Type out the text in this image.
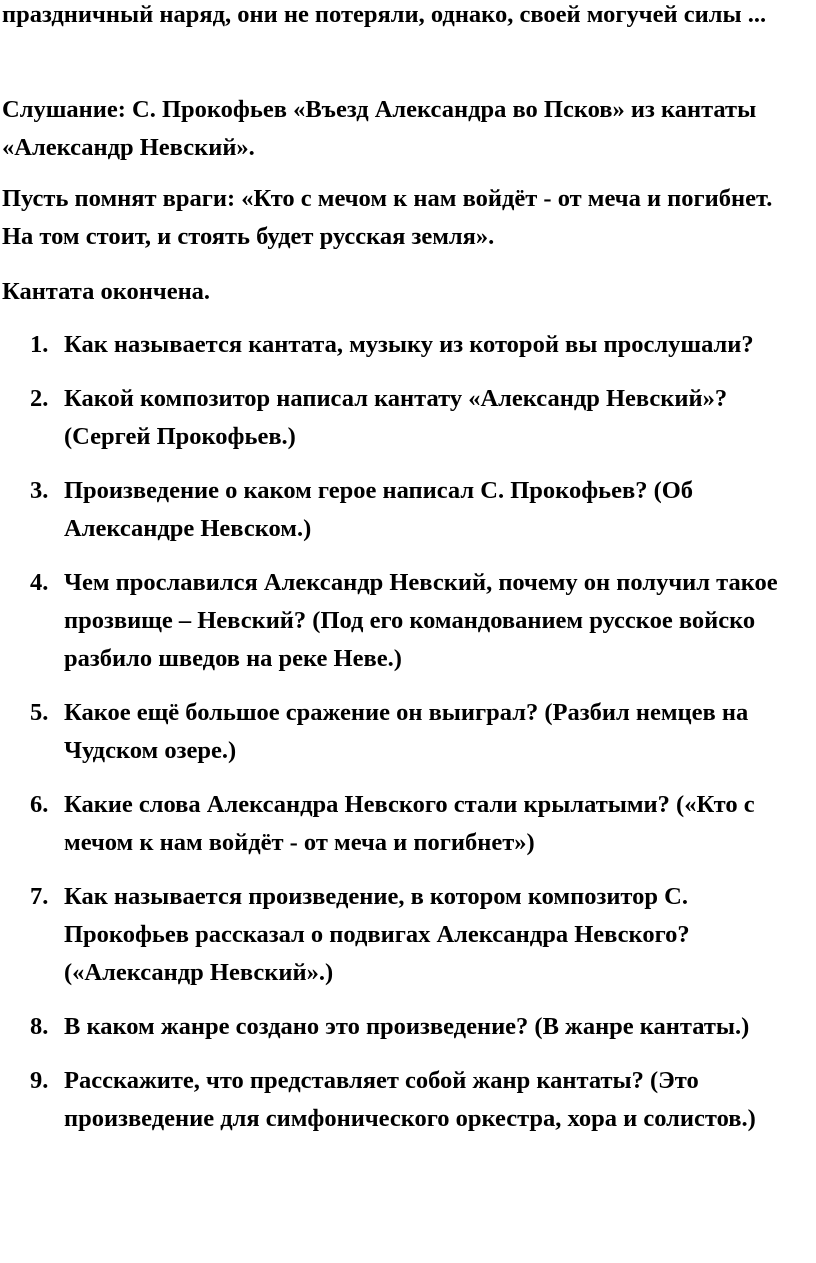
праздничный наряд, они не потеряли, однако, своей могучей силы ...

Слушание: С. Прокофьев «Въезд Александра во Псков» из кантаты «Александр Невский».

Пусть помнят враги: «Кто с мечом к нам войдёт - от меча и погибнет. На том стоит, и стоять будет русская земля».

Кантата окончена.

1. Как называется кантата, музыку из которой вы прослушали?
2. Какой композитор написал кантату «Александр Невский»? (Сергей Прокофьев.)
3. Произведение о каком герое написал С. Прокофьев? (Об Александре Невском.)
4. Чем прославился Александр Невский, почему он получил такое прозвище – Невский? (Под его командованием русское войско разбило шведов на реке Неве.)
5. Какое ещё большое сражение он выиграл? (Разбил немцев на Чудском озере.)
6. Какие слова Александра Невского стали крылатыми? («Кто с мечом к нам войдёт - от меча и погибнет»)
7. Как называется произведение, в котором композитор С. Прокофьев рассказал о подвигах Александра Невского? («Александр Невский».)
8. В каком жанре создано это произведение? (В жанре кантаты.)
9. Расскажите, что представляет собой жанр кантаты? (Это произведение для симфонического оркестра, хора и солистов.)
